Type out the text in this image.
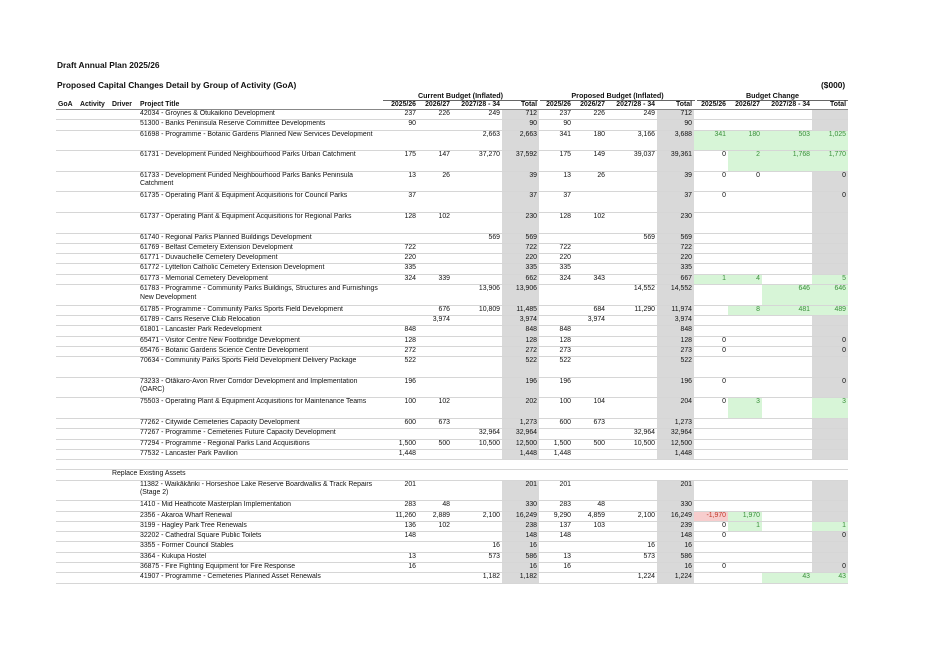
Draft Annual Plan 2025/26
Proposed Capital Changes Detail by Group of Activity (GoA)	($000)
Current Budget (Inflated)	Proposed Budget (Inflated)	Budget Change
GoA	Activity	Driver	Project Title	2025/26	2026/27	2027/28 - 34	Total	2025/26	2026/27	2027/28 - 34	Total	2025/26	2026/27	2027/28 - 34	Total
			42034 - Groynes & Ōtukaikino Development	237	226	249	712	237	226	249	712				
			51300 - Banks Peninsula Reserve Committee Developments	90			90	90			90				
			61698 - Programme - Botanic Gardens Planned New Services Development			2,663	2,663	341	180	3,166	3,688	341	180	503	1,025
			61731 - Development Funded Neighbourhood Parks Urban Catchment	175	147	37,270	37,592	175	149	39,037	39,361	0	2	1,768	1,770
			61733 - Development Funded Neighbourhood Parks Banks Peninsula Catchment	13	26		39	13	26		39	0	0		0
			61735 - Operating Plant & Equipment Acquisitions for Council Parks	37			37	37			37	0			0
			61737 - Operating Plant & Equipment Acquisitions for Regional Parks	128	102		230	128	102		230				
			61740 - Regional Parks Planned Buildings Development			569	569			569	569				
			61769 - Belfast Cemetery Extension Development	722			722	722			722				
			61771 - Duvauchelle Cemetery Development	220			220	220			220				
			61772 - Lyttelton Catholic Cemetery Extension Development	335			335	335			335				
			61773 - Memorial Cemetery Development	324	339		662	324	343		667	1	4		5
			61783 - Programme - Community Parks Buildings, Structures and Furnishings New Development			13,906	13,906			14,552	14,552			646	646
			61785 - Programme - Community Parks Sports Field Development		676	10,809	11,485		684	11,290	11,974		8	481	489
			61789 - Carrs Reserve Club Relocation		3,974		3,974		3,974		3,974				
			61801 - Lancaster Park Redevelopment	848			848	848			848				
			65471 - Visitor Centre New Footbridge Development	128			128	128			128	0			0
			65476 - Botanic Gardens Science Centre Development	272			272	273			273	0			0
			70634 - Community Parks Sports Field Development Delivery Package	522			522	522			522				
			73233 - Ōtākaro-Avon River Corridor Development and Implementation (OARC)	196			196	196			196	0			0
			75503 - Operating Plant & Equipment Acquisitions for Maintenance Teams	100	102		202	100	104		204	0	3		3
			77262 - Citywide Cemeteries Capacity Development	600	673		1,273	600	673		1,273				
			77267 - Programme - Cemeteries Future Capacity Development			32,964	32,964			32,964	32,964				
			77294 - Programme - Regional Parks Land Acquisitions	1,500	500	10,500	12,500	1,500	500	10,500	12,500				
			77532 - Lancaster Park Pavilion	1,448			1,448	1,448			1,448				

			Replace Existing Assets
			11382 - Waikākāriki - Horseshoe Lake Reserve Boardwalks & Track Repairs (Stage 2)	201			201	201			201				
			1410 - Mid Heathcote Masterplan Implementation	283	48		330	283	48		330				
			2356 - Akaroa Wharf Renewal	11,260	2,889	2,100	16,249	9,290	4,859	2,100	16,249	-1,970	1,970		
			3199 - Hagley Park Tree Renewals	136	102		238	137	103		239	0	1		1
			32202 - Cathedral Square Public Toilets	148			148	148			148	0			0
			3355 - Former Council Stables			16	16			16	16				
			3364 - Kukupa Hostel	13		573	586	13		573	586				
			36875 - Fire Fighting Equipment for Fire Response	16			16	16			16	0			0
			41907 - Programme - Cemeteries Planned Asset Renewals			1,182	1,182			1,224	1,224			43	43
